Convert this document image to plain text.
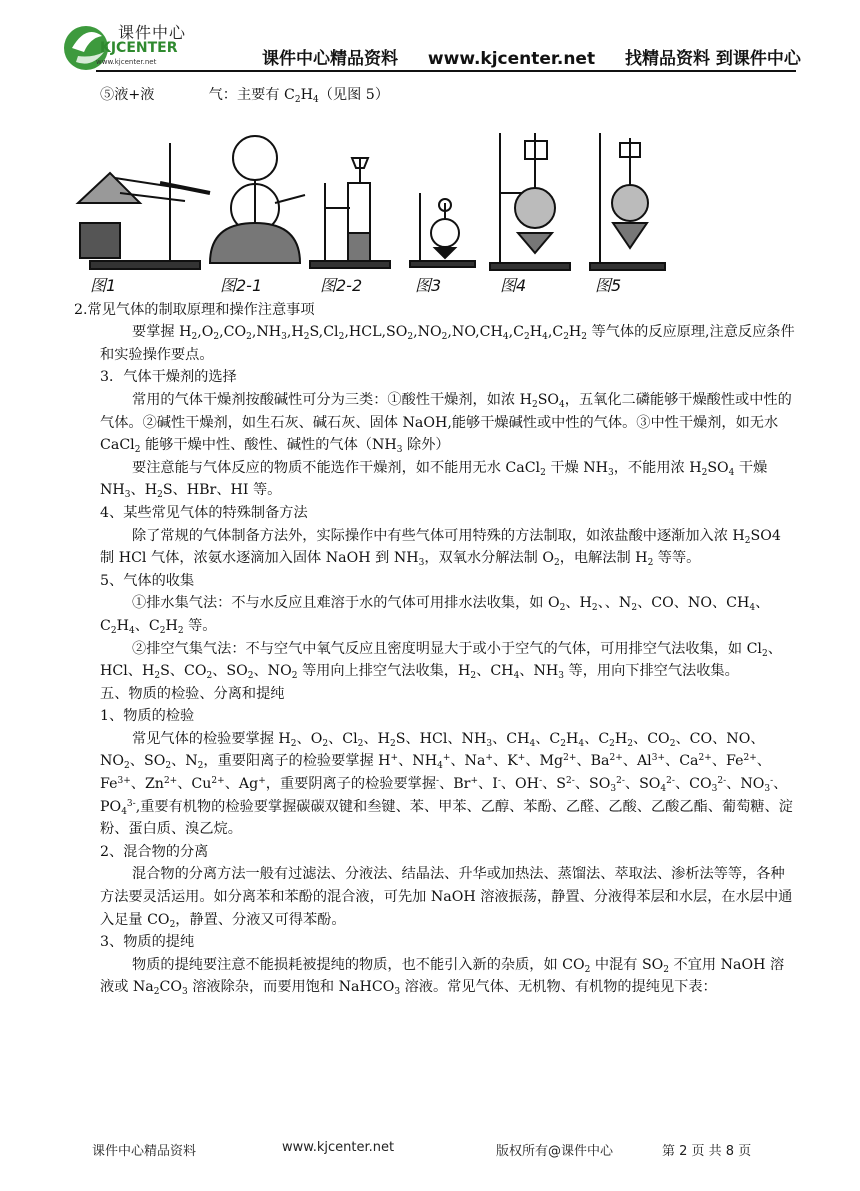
课件中心
KJCENTER
www.kjcenter.net	课件中心精品资料 www.kjcenter.net 找精品资料 到课件中心

⑤液+液            气：主要有 $C_2H_4$（见图 5）

图1	图2-1	图2-2	图3	图4	图5

2.常见气体的制取原理和操作注意事项

要掌握 $H_2,O_2,CO_2,NH_3,H_2S,Cl_2,HCL,SO_2,NO_2,NO,CH_4,C_2H_4,C_2H_2$ 等气体的反应原理,注意反应条件和实验操作要点。

3．气体干燥剂的选择

常用的气体干燥剂按酸碱性可分为三类：①酸性干燥剂，如浓 $H_2SO_4$，五氧化二磷能够干燥酸性或中性的气体。②碱性干燥剂，如生石灰、碱石灰、固体 NaOH,能够干燥碱性或中性的气体。③中性干燥剂，如无水 CaCl$_2$ 能够干燥中性、酸性、碱性的气体（$NH_3$ 除外）

要注意能与气体反应的物质不能选作干燥剂，如不能用无水 CaCl$_2$ 干燥 $NH_3$，不能用浓 $H_2SO_4$ 干燥 $NH_3$、$H_2S$、HBr、HI 等。

4、某些常见气体的特殊制备方法

除了常规的气体制备方法外，实际操作中有些气体可用特殊的方法制取，如浓盐酸中逐渐加入浓 $H_2SO4$ 制 HCl 气体，浓氨水逐滴加入固体 NaOH 到 $NH_3$，双氧水分解法制 $O_2$，电解法制 $H_2$ 等等。

5、气体的收集

①排水集气法：不与水反应且难溶于水的气体可用排水法收集，如 $O_2$、$H_2$、、$N_2$、CO、NO、$CH_4$、$C_2H_4$、$C_2H_2$ 等。

②排空气集气法：不与空气中氧气反应且密度明显大于或小于空气的气体，可用排空气法收集，如 $Cl_2$、HCl、$H_2S$、$CO_2$、$SO_2$、$NO_2$ 等用向上排空气法收集，$H_2$、$CH_4$、$NH_3$ 等，用向下排空气法收集。

五、物质的检验、分离和提纯

1、物质的检验

常见气体的检验要掌握 $H_2$、$O_2$、$Cl_2$、$H_2S$、HCl、$NH_3$、$CH_4$、$C_2H_4$、$C_2H_2$、$CO_2$、CO、NO、$NO_2$、$SO_2$、$N_2$，重要阳离子的检验要掌握 H+、$NH_4^+$、Na+、K+、$Mg^{2+}$、$Ba^{2+}$、$Al^{3+}$、$Ca^{2+}$、$Fe^{2+}$、$Fe^{3+}$、$Zn^{2+}$、$Cu^{2+}$、Ag+，重要阴离子的检验要掌握-、Br+、I-、OH-、$S^{2-}$、$SO_3^{2-}$、$SO_4^{2-}$、$CO_3^{2-}$、$NO_3^-$、$PO_4^{3-}$,重要有机物的检验要掌握碳碳双键和叁键、苯、甲苯、乙醇、苯酚、乙醛、乙酸、乙酸乙酯、葡萄糖、淀粉、蛋白质、溴乙烷。

2、混合物的分离

混合物的分离方法一般有过滤法、分液法、结晶法、升华或加热法、蒸馏法、萃取法、渗析法等等，各种方法要灵活运用。如分离苯和苯酚的混合液，可先加 NaOH 溶液振荡，静置、分液得苯层和水层，在水层中通入足量 $CO_2$，静置、分液又可得苯酚。

3、物质的提纯

物质的提纯要注意不能损耗被提纯的物质，也不能引入新的杂质，如 $CO_2$ 中混有 $SO_2$ 不宜用 NaOH 溶液或 $Na_2CO_3$ 溶液除杂，而要用饱和 NaHCO$_3$ 溶液。常见气体、无机物、有机物的提纯见下表：

课件中心精品资料	www.kjcenter.net	版权所有@课件中心	第 2 页 共 8 页
